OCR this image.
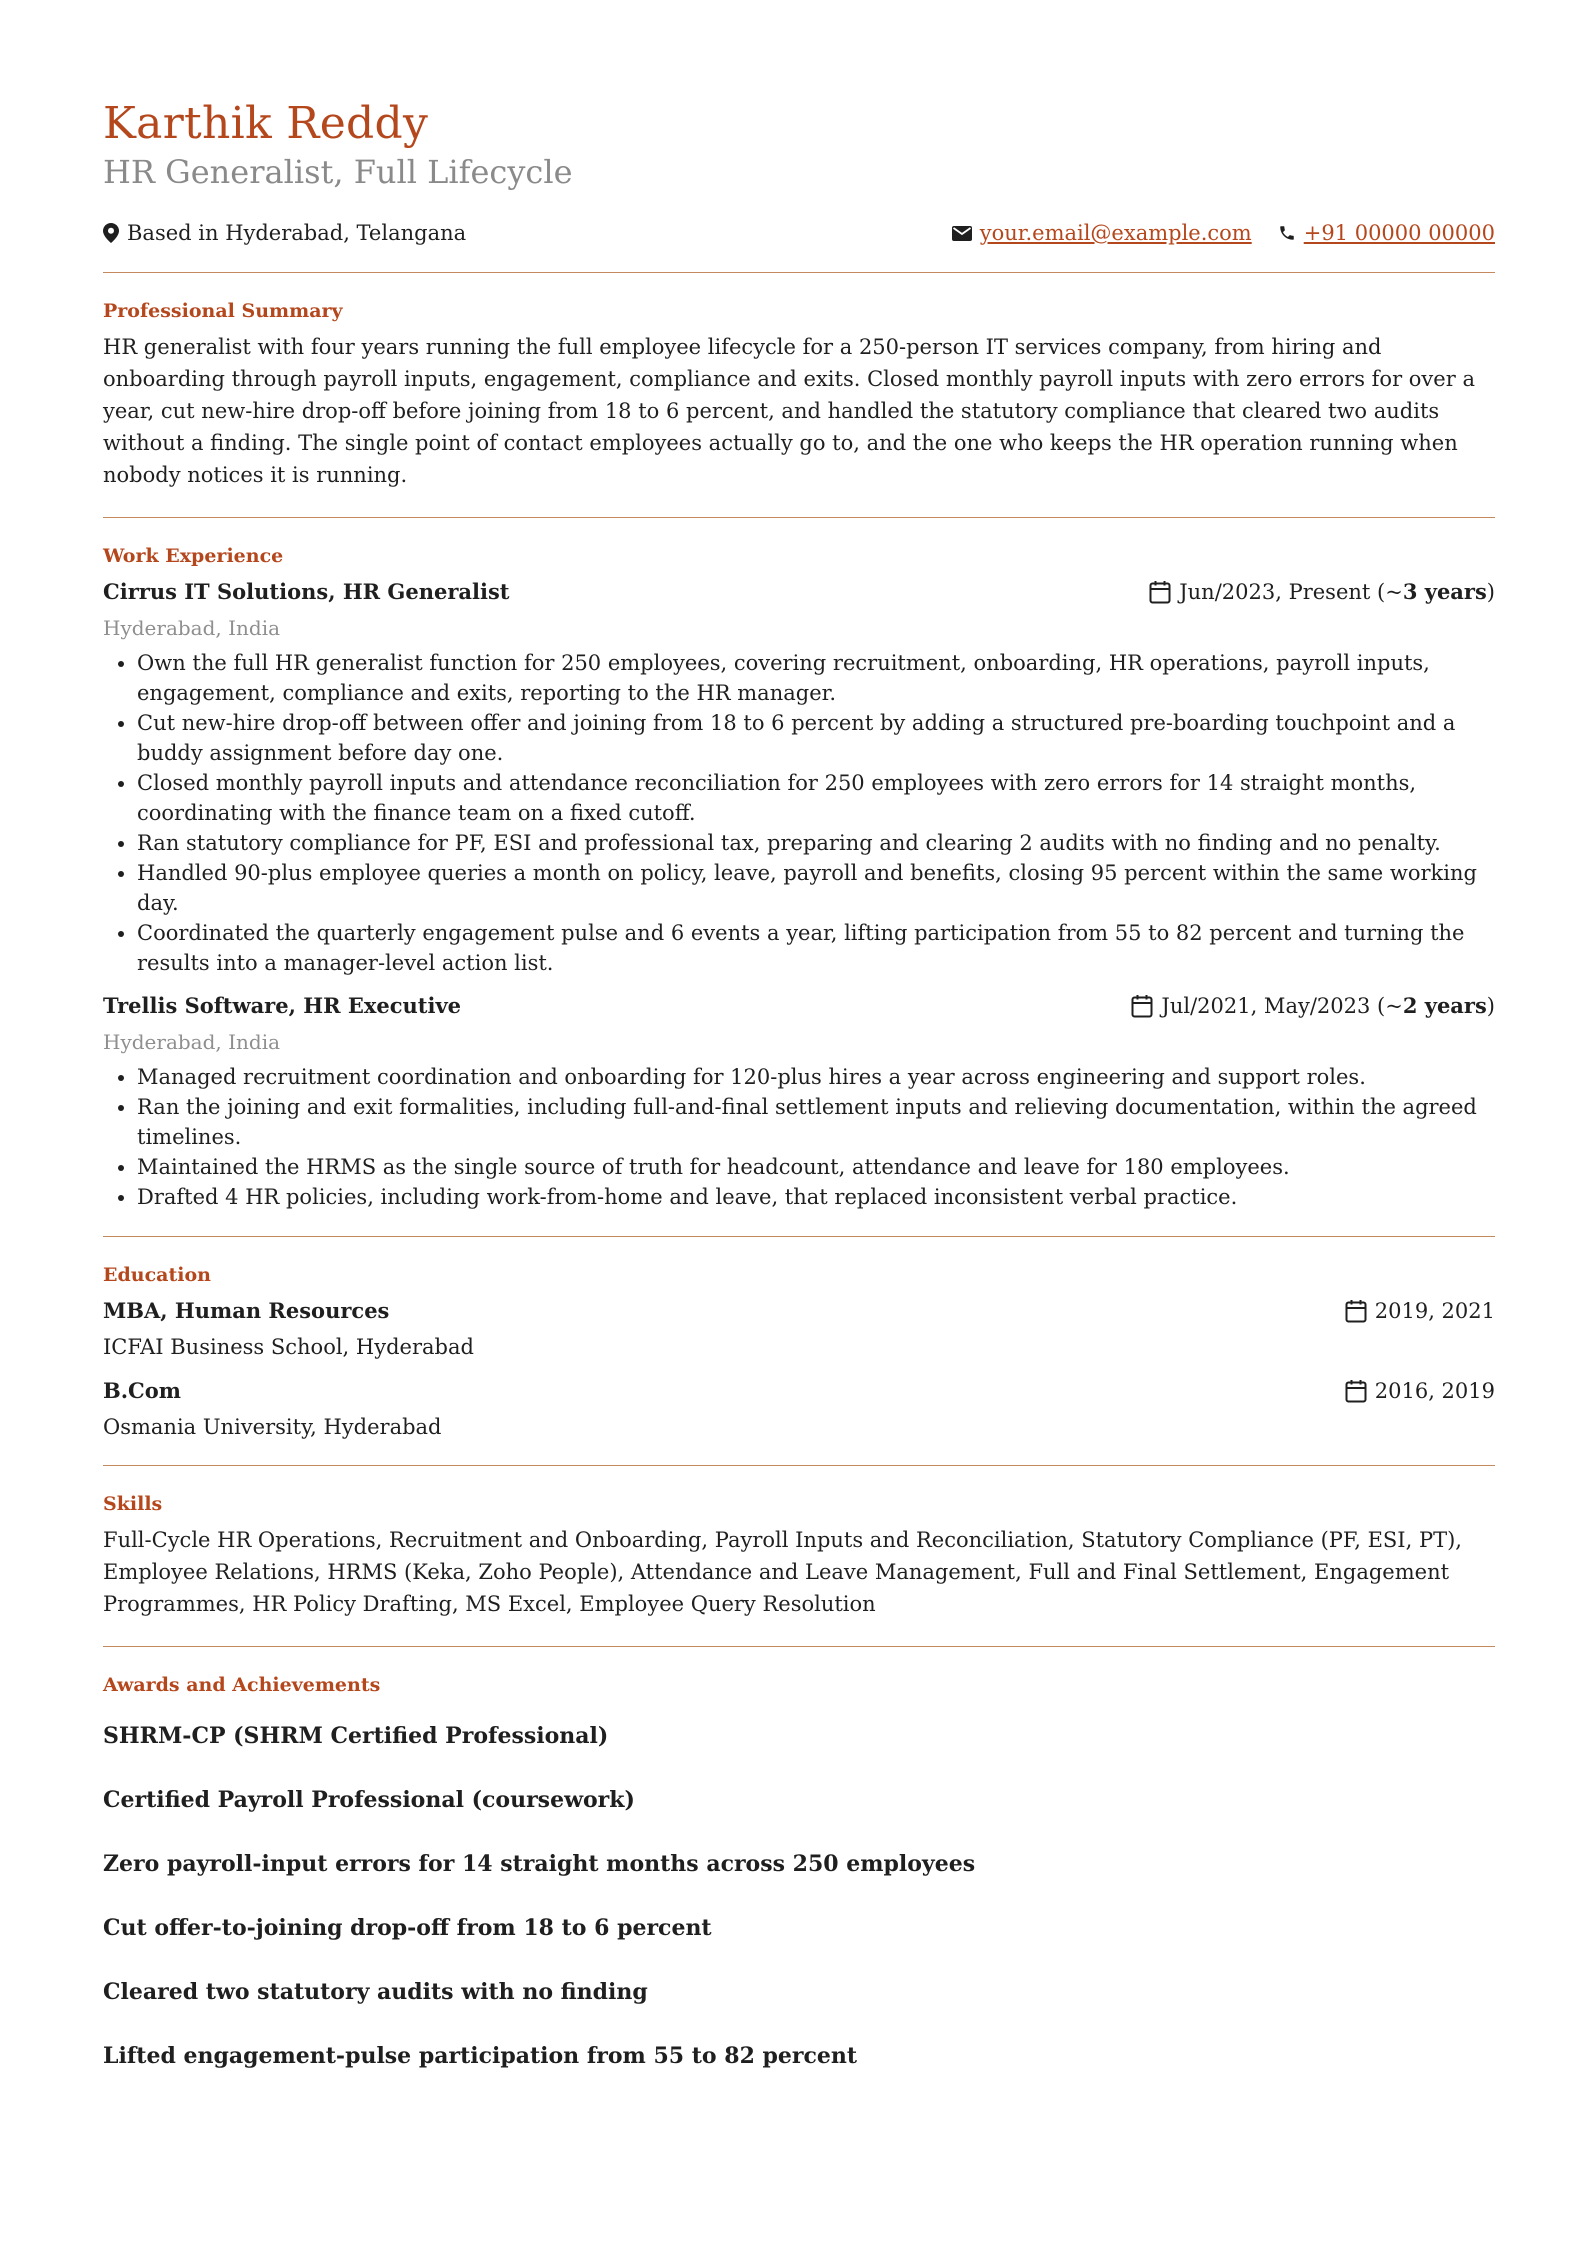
Karthik Reddy
HR Generalist, Full Lifecycle
Based in Hyderabad, Telangana	your.email@example.com +91 00000 00000
Professional Summary

HR generalist with four years running the full employee lifecycle for a 250-person IT services company, from hiring and onboarding through payroll inputs, engagement, compliance and exits. Closed monthly payroll inputs with zero errors for over a year, cut new-hire drop-off before joining from 18 to 6 percent, and handled the statutory compliance that cleared two audits without a finding. The single point of contact employees actually go to, and the one who keeps the HR operation running when nobody notices it is running.

Work Experience
Cirrus IT Solutions, HR Generalist	Jun/2023, Present (~ 3 years )
Hyderabad, India
• Own the full HR generalist function for 250 employees, covering recruitment, onboarding, HR operations, payroll inputs, engagement, compliance and exits, reporting to the HR manager.
• Cut new-hire drop-off between offer and joining from 18 to 6 percent by adding a structured pre-boarding touchpoint and a buddy assignment before day one.
• Closed monthly payroll inputs and attendance reconciliation for 250 employees with zero errors for 14 straight months, coordinating with the finance team on a fixed cutoff.
• Ran statutory compliance for PF, ESI and professional tax, preparing and clearing 2 audits with no finding and no penalty.
• Handled 90-plus employee queries a month on policy, leave, payroll and benefits, closing 95 percent within the same working day.
• Coordinated the quarterly engagement pulse and 6 events a year, lifting participation from 55 to 82 percent and turning the results into a manager-level action list.
Trellis Software, HR Executive	Jul/2021, May/2023 (~ 2 years )
Hyderabad, India
• Managed recruitment coordination and onboarding for 120-plus hires a year across engineering and support roles.
• Ran the joining and exit formalities, including full-and-final settlement inputs and relieving documentation, within the agreed timelines.
• Maintained the HRMS as the single source of truth for headcount, attendance and leave for 180 employees.
• Drafted 4 HR policies, including work-from-home and leave, that replaced inconsistent verbal practice.
Education
MBA, Human Resources	2019, 2021
ICFAI Business School, Hyderabad
B.Com	2016, 2019
Osmania University, Hyderabad
Skills

Full-Cycle HR Operations, Recruitment and Onboarding, Payroll Inputs and Reconciliation, Statutory Compliance (PF, ESI, PT), Employee Relations, HRMS (Keka, Zoho People), Attendance and Leave Management, Full and Final Settlement, Engagement Programmes, HR Policy Drafting, MS Excel, Employee Query Resolution

Awards and Achievements
SHRM-CP (SHRM Certified Professional)
Certified Payroll Professional (coursework)
Zero payroll-input errors for 14 straight months across 250 employees
Cut offer-to-joining drop-off from 18 to 6 percent
Cleared two statutory audits with no finding
Lifted engagement-pulse participation from 55 to 82 percent
